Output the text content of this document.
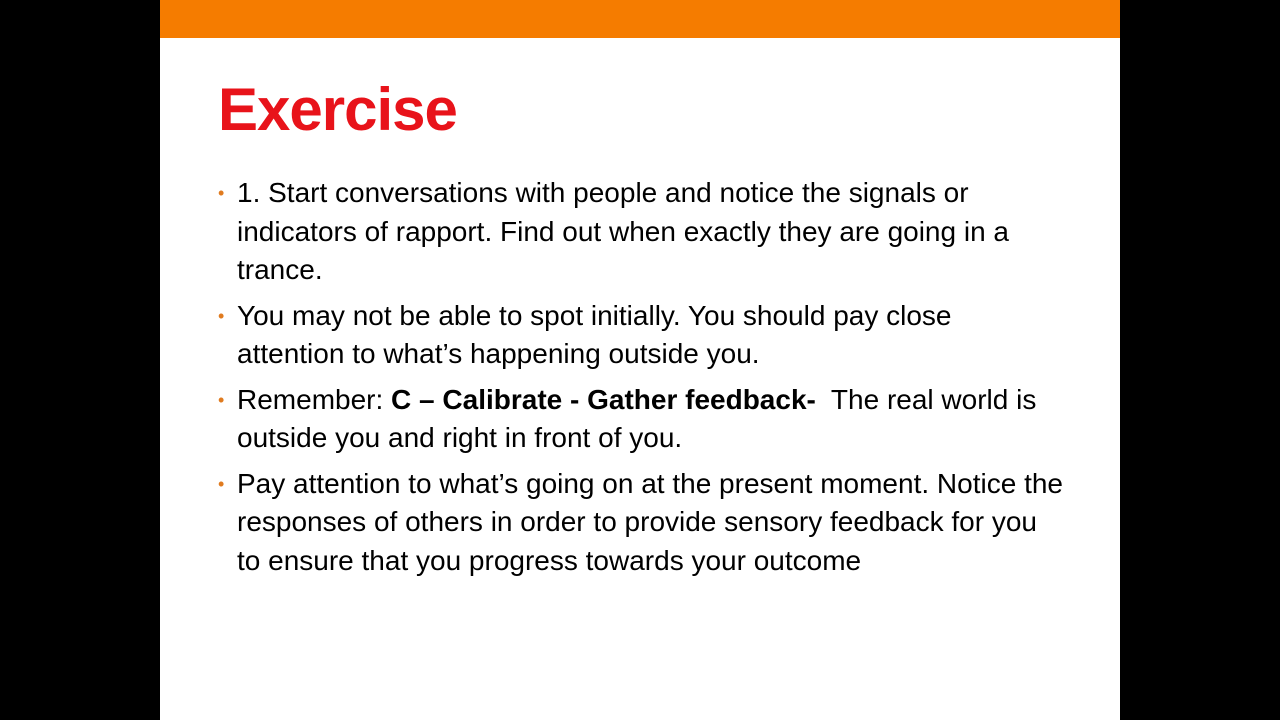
Exercise
• 1. Start conversations with people and notice the signals or indicators of rapport. Find out when exactly they are going in a trance.
• You may not be able to spot initially. You should pay close attention to what’s happening outside you.
• Remember: C – Calibrate - Gather feedback-  The real world is outside you and right in front of you.
• Pay attention to what’s going on at the present moment. Notice the responses of others in order to provide sensory feedback for you to ensure that you progress towards your outcome
